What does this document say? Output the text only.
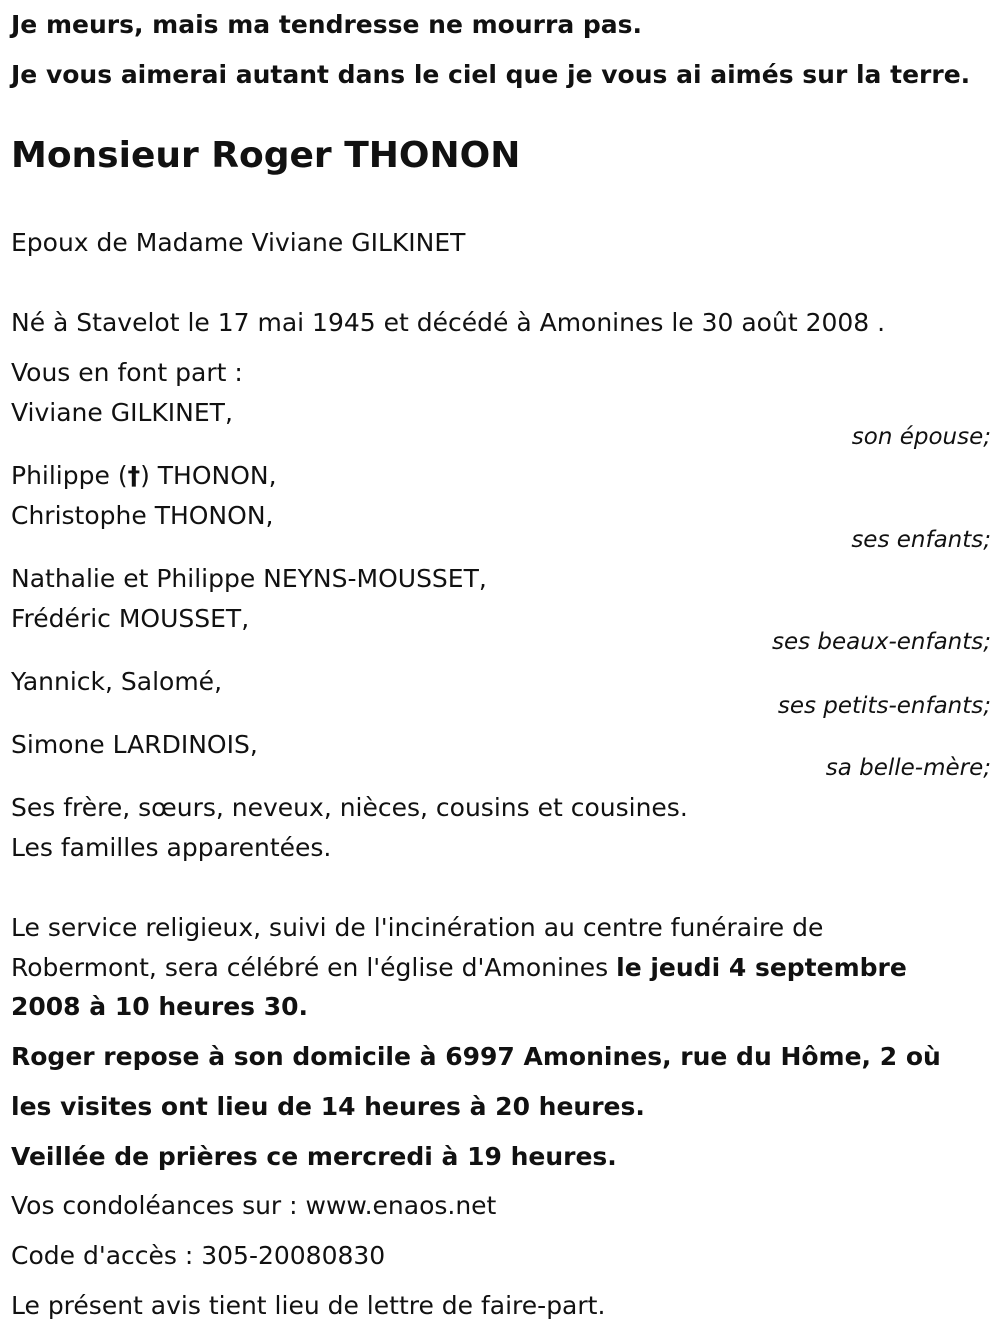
Je meurs, mais ma tendresse ne mourra pas.
Je vous aimerai autant dans le ciel que je vous ai aimés sur la terre.
Monsieur Roger THONON
Epoux de Madame Viviane GILKINET
Né à Stavelot le 17 mai 1945 et décédé à Amonines le 30 août 2008 .
Vous en font part :
Viviane GILKINET,
son épouse;
Philippe (†) THONON,
Christophe THONON,
ses enfants;
Nathalie et Philippe NEYNS-MOUSSET,
Frédéric MOUSSET,
ses beaux-enfants;
Yannick, Salomé,
ses petits-enfants;
Simone LARDINOIS,
sa belle-mère;
Ses frère, sœurs, neveux, nièces, cousins et cousines.
Les familles apparentées.
Le service religieux, suivi de l'incinération au centre funéraire de
Robermont, sera célébré en l'église d'Amonines le jeudi 4 septembre
2008 à 10 heures 30.
Roger repose à son domicile à 6997 Amonines, rue du Hôme, 2 où
les visites ont lieu de 14 heures à 20 heures.
Veillée de prières ce mercredi à 19 heures.
Vos condoléances sur : www.enaos.net
Code d'accès : 305-20080830
Le présent avis tient lieu de lettre de faire-part.
